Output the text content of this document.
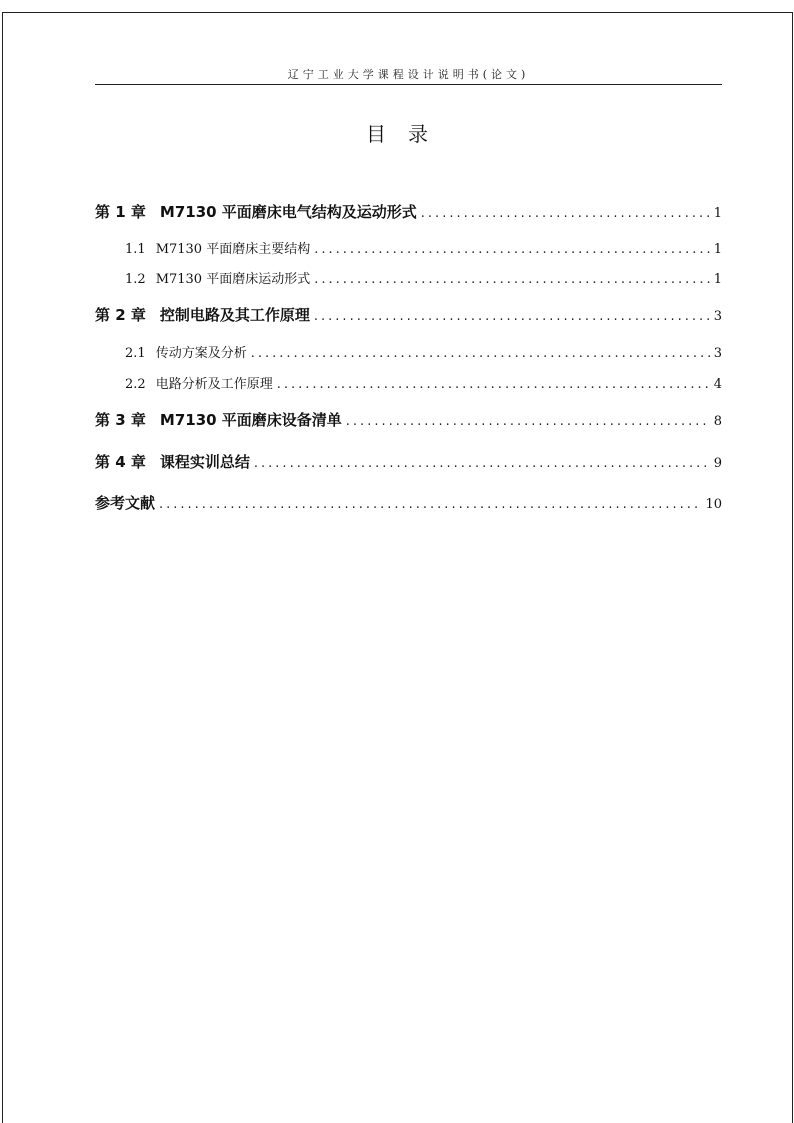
辽宁工业大学课程设计说明书(论文)
目录
第 1 章 M7130 平面磨床电气结构及运动形式 .....	1
1.1 M7130 平面磨床主要结构 .....	1
1.2 M7130 平面磨床运动形式 .....	1
第 2 章 控制电路及其工作原理 .....	3
2.1 传动方案及分析 .....	3
2.2 电路分析及工作原理 .....	4
第 3 章 M7130 平面磨床设备清单 .....	8
第 4 章 课程实训总结 .....	9
参考文献 .....	10
